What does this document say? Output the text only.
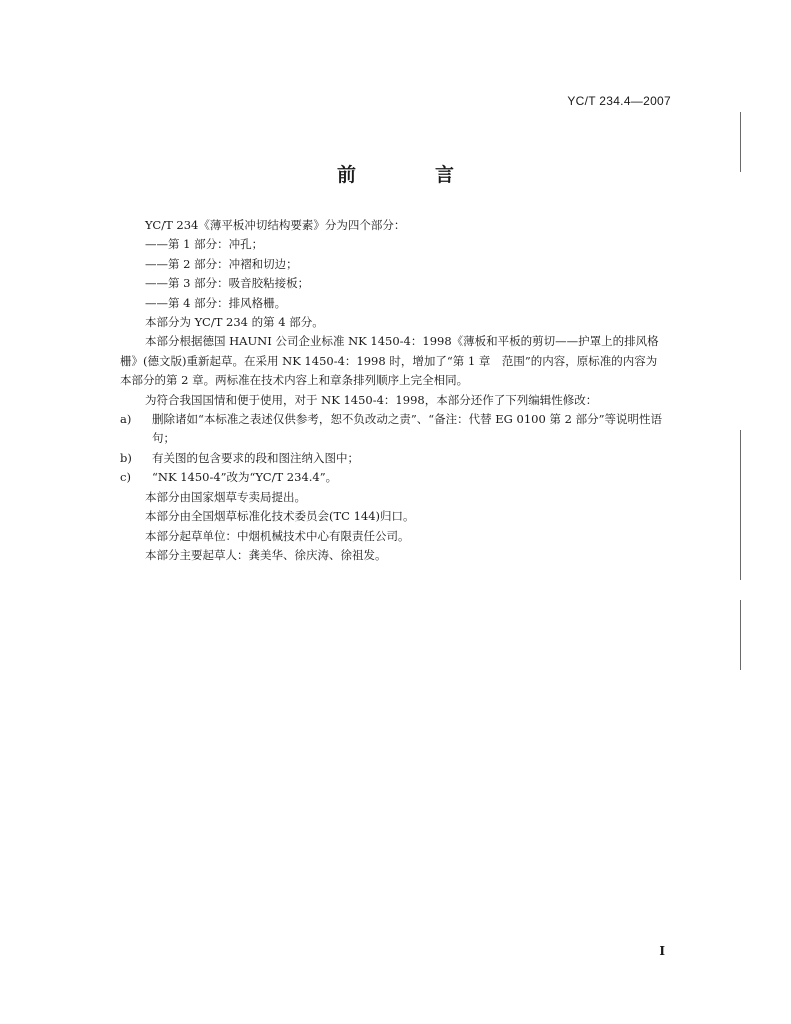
YC/T 234.4—2007
前　言

YC/T 234《薄平板冲切结构要素》分为四个部分：

——第 1 部分：冲孔；

——第 2 部分：冲褶和切边；

——第 3 部分：吸音胶粘接板；

——第 4 部分：排风格栅。

本部分为 YC/T 234 的第 4 部分。

本部分根据德国 HAUNI 公司企业标准 NK 1450-4：1998《薄板和平板的剪切——护罩上的排风格

栅》(德文版)重新起草。在采用 NK 1450-4：1998 时，增加了“第 1 章　范围”的内容，原标准的内容为

本部分的第 2 章。两标准在技术内容上和章条排列顺序上完全相同。

为符合我国国情和便于使用，对于 NK 1450-4：1998，本部分还作了下列编辑性修改：

a)	删除诸如“本标准之表述仅供参考，恕不负改动之责”、“备注：代替 EG 0100 第 2 部分”等说明性语句；
b)	有关图的包含要求的段和图注纳入图中；
c)	“NK 1450-4”改为“YC/T 234.4”。

本部分由国家烟草专卖局提出。

本部分由全国烟草标准化技术委员会(TC 144)归口。

本部分起草单位：中烟机械技术中心有限责任公司。

本部分主要起草人：龚美华、徐庆涛、徐祖发。

I
